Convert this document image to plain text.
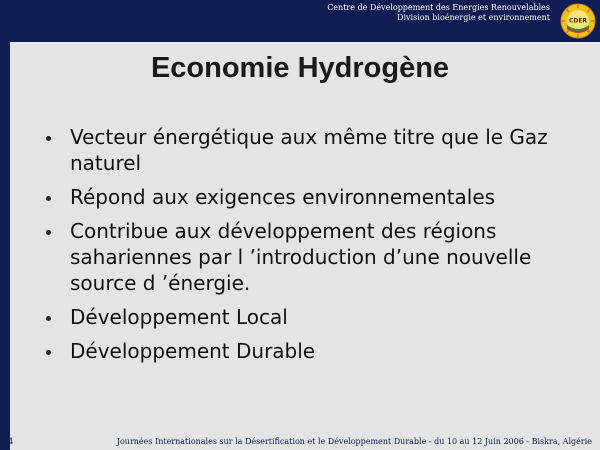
Centre de Développement des Energies Renouvelables
Division bioénergie et environnement	CDER
Economie Hydrogène
Vecteur énergétique aux même titre que le Gaz naturel
Répond aux exigences environnementales
Contribue aux développement des régions sahariennes par l ’introduction d’une nouvelle source d ’énergie.
Développement Local
Développement Durable
24	Journées Internationales sur la Désertification et le Développement Durable - du 10 au 12 Juin 2006 - Biskra, Algérie
